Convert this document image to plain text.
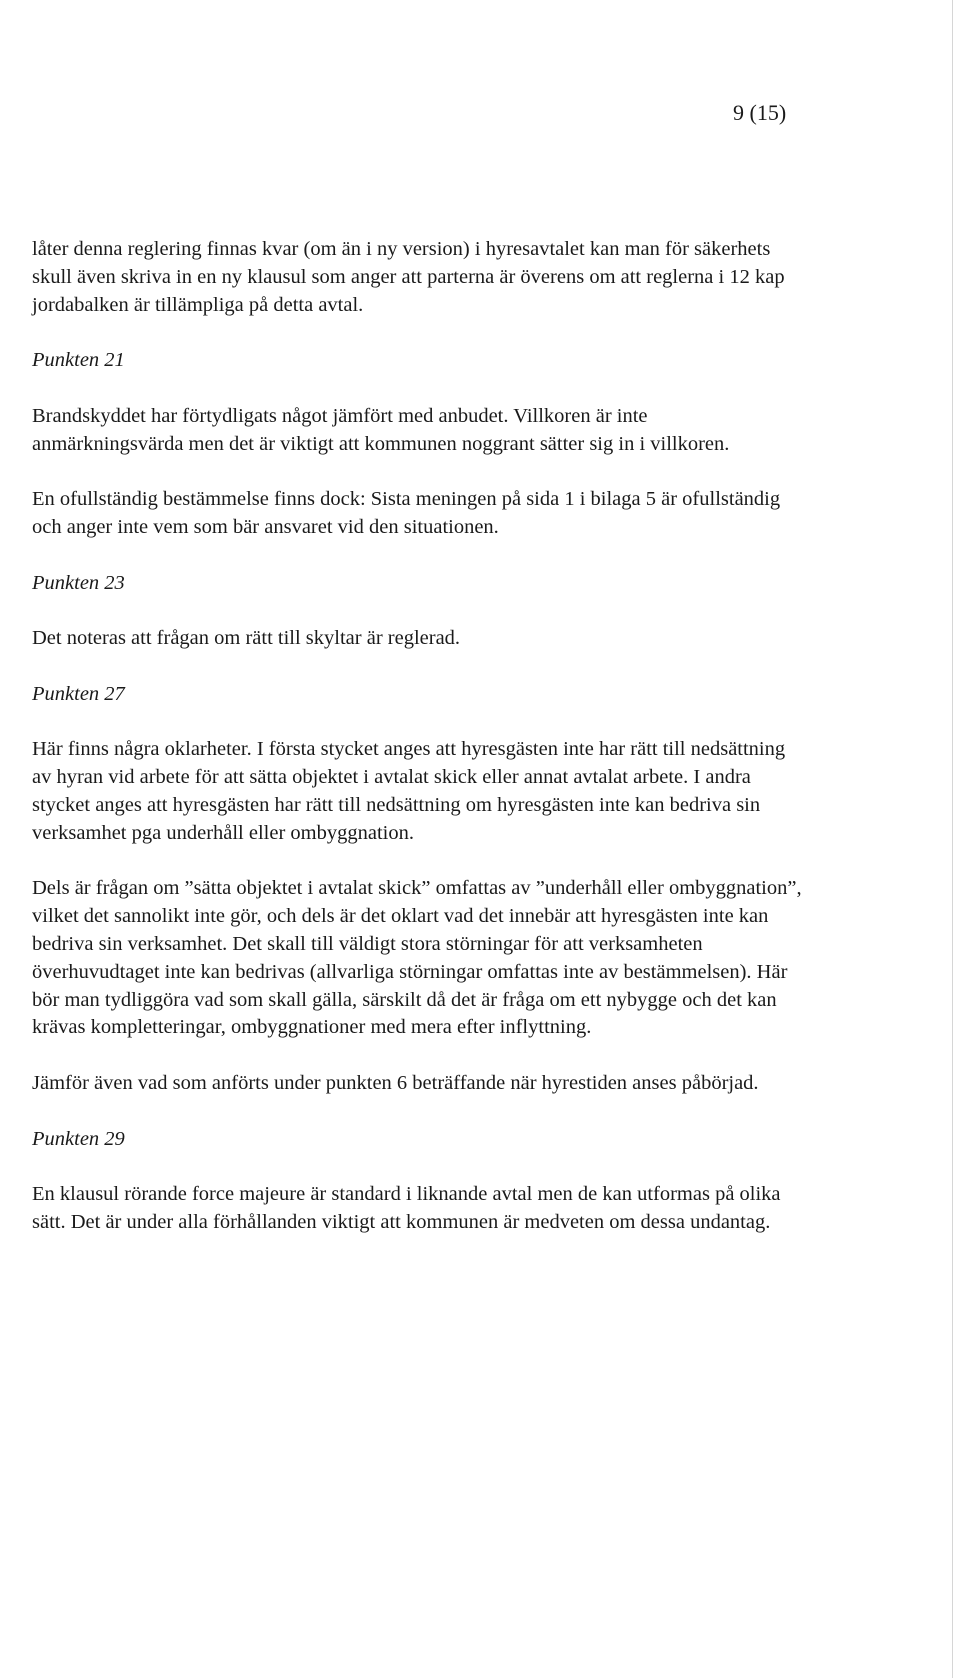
9 (15)

låter denna reglering finnas kvar (om än i ny version) i hyresavtalet kan man för säkerhets skull även skriva in en ny klausul som anger att parterna är överens om att reglerna i 12 kap jordabalken är tillämpliga på detta avtal.

Punkten 21

Brandskyddet har förtydligats något jämfört med anbudet. Villkoren är inte anmärkningsvärda men det är viktigt att kommunen noggrant sätter sig in i villkoren.

En ofullständig bestämmelse finns dock: Sista meningen på sida 1 i bilaga 5 är ofullständig och anger inte vem som bär ansvaret vid den situationen.

Punkten 23

Det noteras att frågan om rätt till skyltar är reglerad.

Punkten 27

Här finns några oklarheter. I första stycket anges att hyresgästen inte har rätt till nedsättning av hyran vid arbete för att sätta objektet i avtalat skick eller annat avtalat arbete. I andra stycket anges att hyresgästen har rätt till nedsättning om hyresgästen inte kan bedriva sin verksamhet pga underhåll eller ombyggnation.

Dels är frågan om ”sätta objektet i avtalat skick” omfattas av ”underhåll eller ombyggnation”, vilket det sannolikt inte gör, och dels är det oklart vad det innebär att hyresgästen inte kan bedriva sin verksamhet. Det skall till väldigt stora störningar för att verksamheten överhuvudtaget inte kan bedrivas (allvarliga störningar omfattas inte av bestämmelsen). Här bör man tydliggöra vad som skall gälla, särskilt då det är fråga om ett nybygge och det kan krävas kompletteringar, ombyggnationer med mera efter inflyttning.

Jämför även vad som anförts under punkten 6 beträffande när hyrestiden anses påbörjad.

Punkten 29

En klausul rörande force majeure är standard i liknande avtal men de kan utformas på olika sätt. Det är under alla förhållanden viktigt att kommunen är medveten om dessa undantag.
